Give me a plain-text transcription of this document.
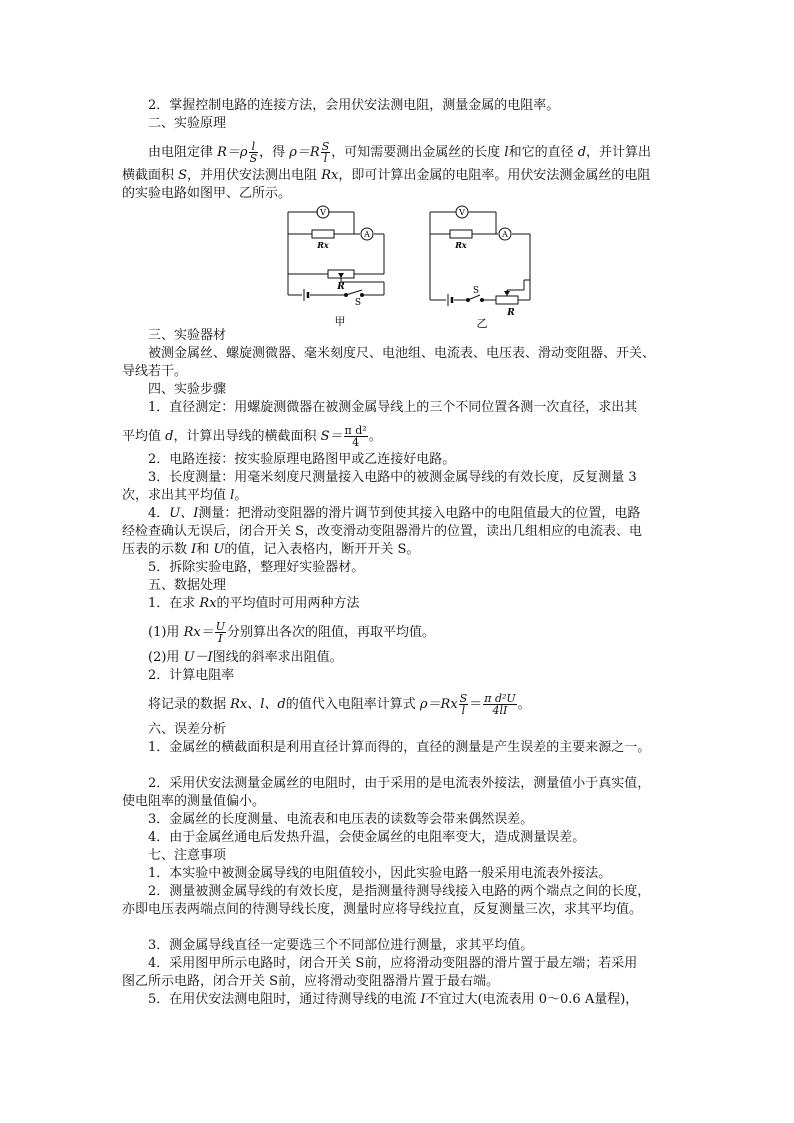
2．掌握控制电路的连接方法，会用伏安法测电阻，测量金属的电阻率。
二、实验原理
由电阻定律 $R=\rho \frac{l}{S}$ ，得 $\rho=R \frac{S}{l}$ ，可知需要测出金属丝的长度 l和它的直径 d，并计算出
横截面积 S，并用伏安法测出电阻 Rx，即可计算出金属的电阻率。用伏安法测金属丝的电阻
的实验电路如图甲、乙所示。
V
A
Rx
R
S
甲
V
A
Rx
R
S
乙
三、实验器材
被测金属丝、螺旋测微器、毫米刻度尺、电池组、电流表、电压表、滑动变阻器、开关、
导线若干。
四、实验步骤
1．直径测定：用螺旋测微器在被测金属导线上的三个不同位置各测一次直径，求出其
平均值 d，计算出导线的横截面积 $S= \frac{\text{π d²}}{4}$ 。
2．电路连接：按实验原理电路图甲或乙连接好电路。
3．长度测量：用毫米刻度尺测量接入电路中的被测金属导线的有效长度，反复测量 3
次，求出其平均值 l。
4．U、I测量：把滑动变阻器的滑片调节到使其接入电路中的电阻值最大的位置，电路
经检查确认无误后，闭合开关 S，改变滑动变阻器滑片的位置，读出几组相应的电流表、电
压表的示数 I和 U的值，记入表格内，断开开关 S。
5．拆除实验电路，整理好实验器材。
五、数据处理
1．在求 Rx的平均值时可用两种方法
(1)用 $Rx= \frac{U}{I}$ 分别算出各次的阻值，再取平均值。
(2)用 U－I图线的斜率求出阻值。
2．计算电阻率
将记录的数据 Rx、l、d的值代入电阻率计算式 $\rho=Rx \frac{S}{l} = \frac{\text{π d²U}}{4lI}$ 。
六、误差分析
1．金属丝的横截面积是利用直径计算而得的，直径的测量是产生误差的主要来源之一。
2．采用伏安法测量金属丝的电阻时，由于采用的是电流表外接法，测量值小于真实值，
使电阻率的测量值偏小。
3．金属丝的长度测量、电流表和电压表的读数等会带来偶然误差。
4．由于金属丝通电后发热升温，会使金属丝的电阻率变大，造成测量误差。
七、注意事项
1．本实验中被测金属导线的电阻值较小，因此实验电路一般采用电流表外接法。
2．测量被测金属导线的有效长度，是指测量待测导线接入电路的两个端点之间的长度，
亦即电压表两端点间的待测导线长度，测量时应将导线拉直，反复测量三次，求其平均值。
3．测金属导线直径一定要选三个不同部位进行测量，求其平均值。
4．采用图甲所示电路时，闭合开关 S前，应将滑动变阻器的滑片置于最左端；若采用
图乙所示电路，闭合开关 S前，应将滑动变阻器滑片置于最右端。
5．在用伏安法测电阻时，通过待测导线的电流 I不宜过大(电流表用 0～0.6 A量程)，
